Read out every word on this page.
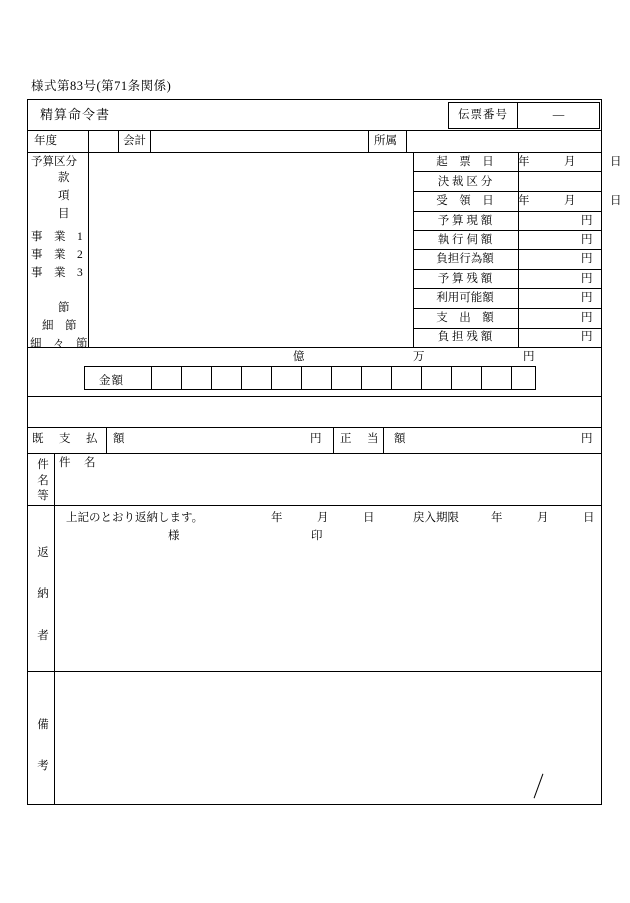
様式第83号(第71条関係)
精算命令書	伝票番号	—
年度	会計	所属
予算区分
款
項
目
事　業　1
事　業　2
事　業　3
節
細　節
細　々　節
起　票　日	年　　　月　　　日
決 裁 区 分
受　領　日	年　　　月　　　日
予 算 現 額	円
執 行 伺 額	円
負担行為額	円
予 算 残 額	円
利用可能額	円
支　出　額	円
負 担 残 額	円
億	万	円
金額
既　支　払　額	円 正　当　額	円
件名等
件　名
返納者
上記のとおり返納します。	年　　　月　　　日	戻入期限	年　　　月　　　日
様	印
備考
